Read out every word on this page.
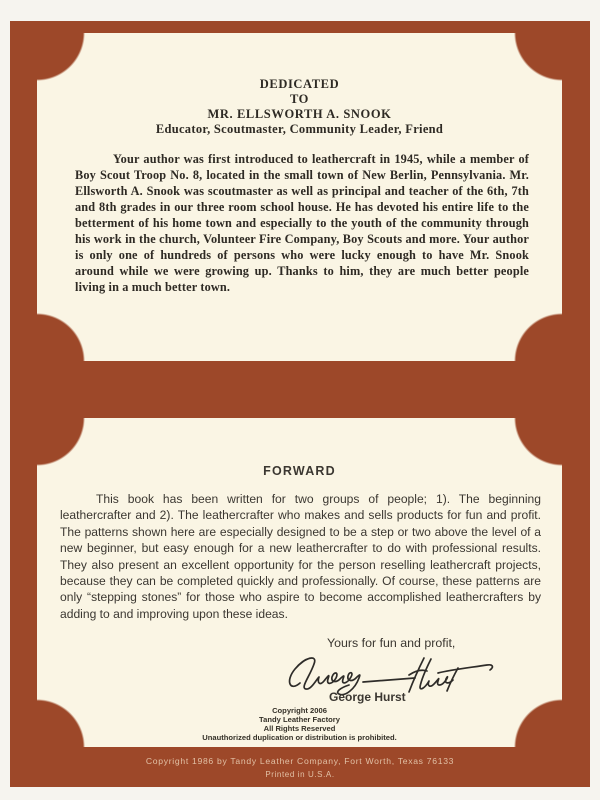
DEDICATED
TO
MR. ELLSWORTH A. SNOOK
Educator, Scoutmaster, Community Leader, Friend

Your author was first introduced to leathercraft in 1945, while a member of Boy Scout Troop No. 8, located in the small town of New Berlin, Pennsylvania. Mr. Ellsworth A. Snook was scoutmaster as well as principal and teacher of the 6th, 7th and 8th grades in our three room school house. He has devoted his entire life to the betterment of his home town and especially to the youth of the community through his work in the church, Volunteer Fire Company, Boy Scouts and more. Your author is only one of hundreds of persons who were lucky enough to have Mr. Snook around while we were growing up. Thanks to him, they are much better people living in a much better town.

FORWARD

This book has been written for two groups of people; 1). The beginning leathercrafter and 2). The leathercrafter who makes and sells products for fun and profit. The patterns shown here are especially designed to be a step or two above the level of a new beginner, but easy enough for a new leathercrafter to do with professional results. They also present an excellent opportunity for the person reselling leathercraft projects, because they can be completed quickly and professionally. Of course, these patterns are only “stepping stones” for those who aspire to become accomplished leathercrafters by adding to and improving upon these ideas.

Yours for fun and profit,
George Hurst
Copyright 2006
Tandy Leather Factory
All Rights Reserved
Unauthorized duplication or distribution is prohibited.
Copyright 1986 by Tandy Leather Company, Fort Worth, Texas 76133
Printed in U.S.A.
